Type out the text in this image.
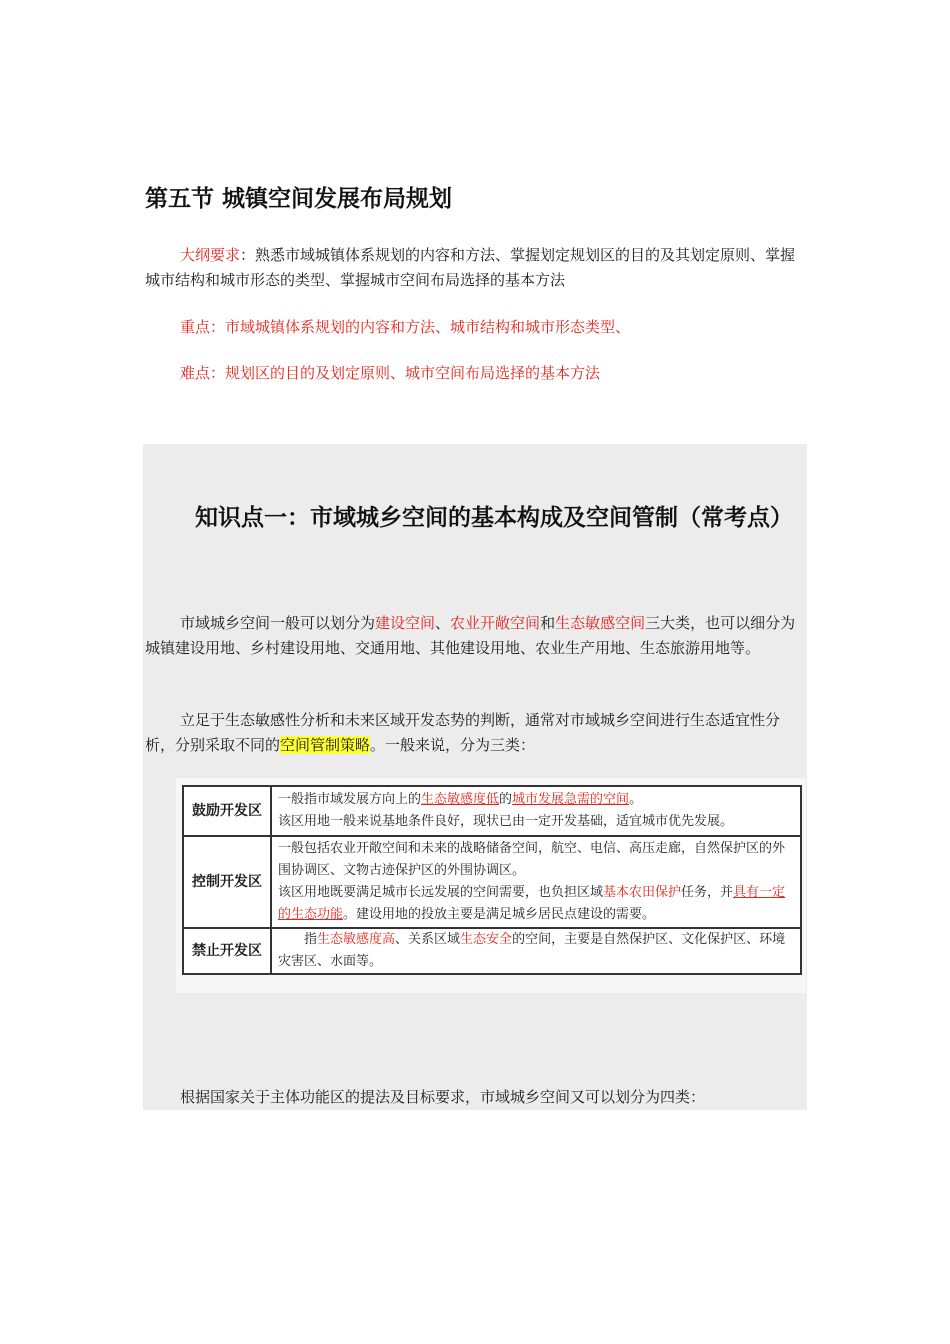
第五节 城镇空间发展布局规划

大纲要求：熟悉市域城镇体系规划的内容和方法、掌握划定规划区的目的及其划定原则、掌握城市结构和城市形态的类型、掌握城市空间布局选择的基本方法

重点：市域城镇体系规划的内容和方法、城市结构和城市形态类型、

难点：规划区的目的及划定原则、城市空间布局选择的基本方法

知识点一：市域城乡空间的基本构成及空间管制（常考点）

市域城乡空间一般可以划分为建设空间、农业开敞空间和生态敏感空间三大类，也可以细分为城镇建设用地、乡村建设用地、交通用地、其他建设用地、农业生产用地、生态旅游用地等。

立足于生态敏感性分析和未来区域开发态势的判断，通常对市域城乡空间进行生态适宜性分析，分别采取不同的空间管制策略。一般来说，分为三类：

鼓励开发区	一般指市域发展方向上的生态敏感度低的城市发展急需的空间。
该区用地一般来说基地条件良好，现状已由一定开发基础，适宜城市优先发展。
控制开发区	一般包括农业开敞空间和未来的战略储备空间，航空、电信、高压走廊，自然保护区的外围协调区、文物古迹保护区的外围协调区。
该区用地既要满足城市长远发展的空间需要，也负担区域基本农田保护任务，并具有一定的生态功能。建设用地的投放主要是满足城乡居民点建设的需要。
禁止开发区	指生态敏感度高、关系区域生态安全的空间，主要是自然保护区、文化保护区、环境灾害区、水面等。

根据国家关于主体功能区的提法及目标要求，市域城乡空间又可以划分为四类：
